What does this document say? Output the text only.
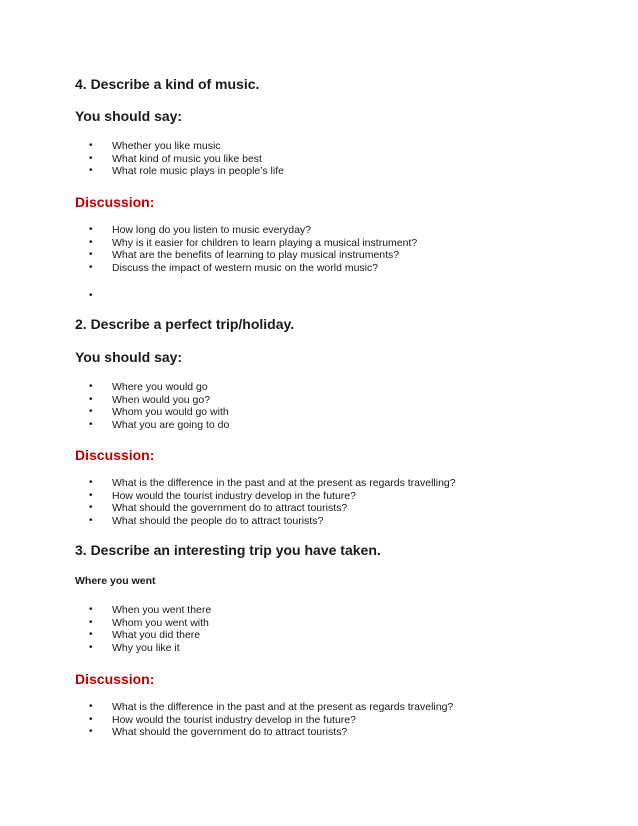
4. Describe a kind of music.
You should say:
• Whether you like music
• What kind of music you like best
• What role music plays in people’s life
Discussion:
• How long do you listen to music everyday?
• Why is it easier for children to learn playing a musical instrument?
• What are the benefits of learning to play musical instruments?
• Discuss the impact of western music on the world music?
•
2. Describe a perfect trip/holiday.
You should say:
• Where you would go
• When would you go?
• Whom you would go with
• What you are going to do
Discussion:
• What is the difference in the past and at the present as regards travelling?
• How would the tourist industry develop in the future?
• What should the government do to attract tourists?
• What should the people do to attract tourists?
3. Describe an interesting trip you have taken.
Where you went
• When you went there
• Whom you went with
• What you did there
• Why you like it
Discussion:
• What is the difference in the past and at the present as regards traveling?
• How would the tourist industry develop in the future?
• What should the government do to attract tourists?
